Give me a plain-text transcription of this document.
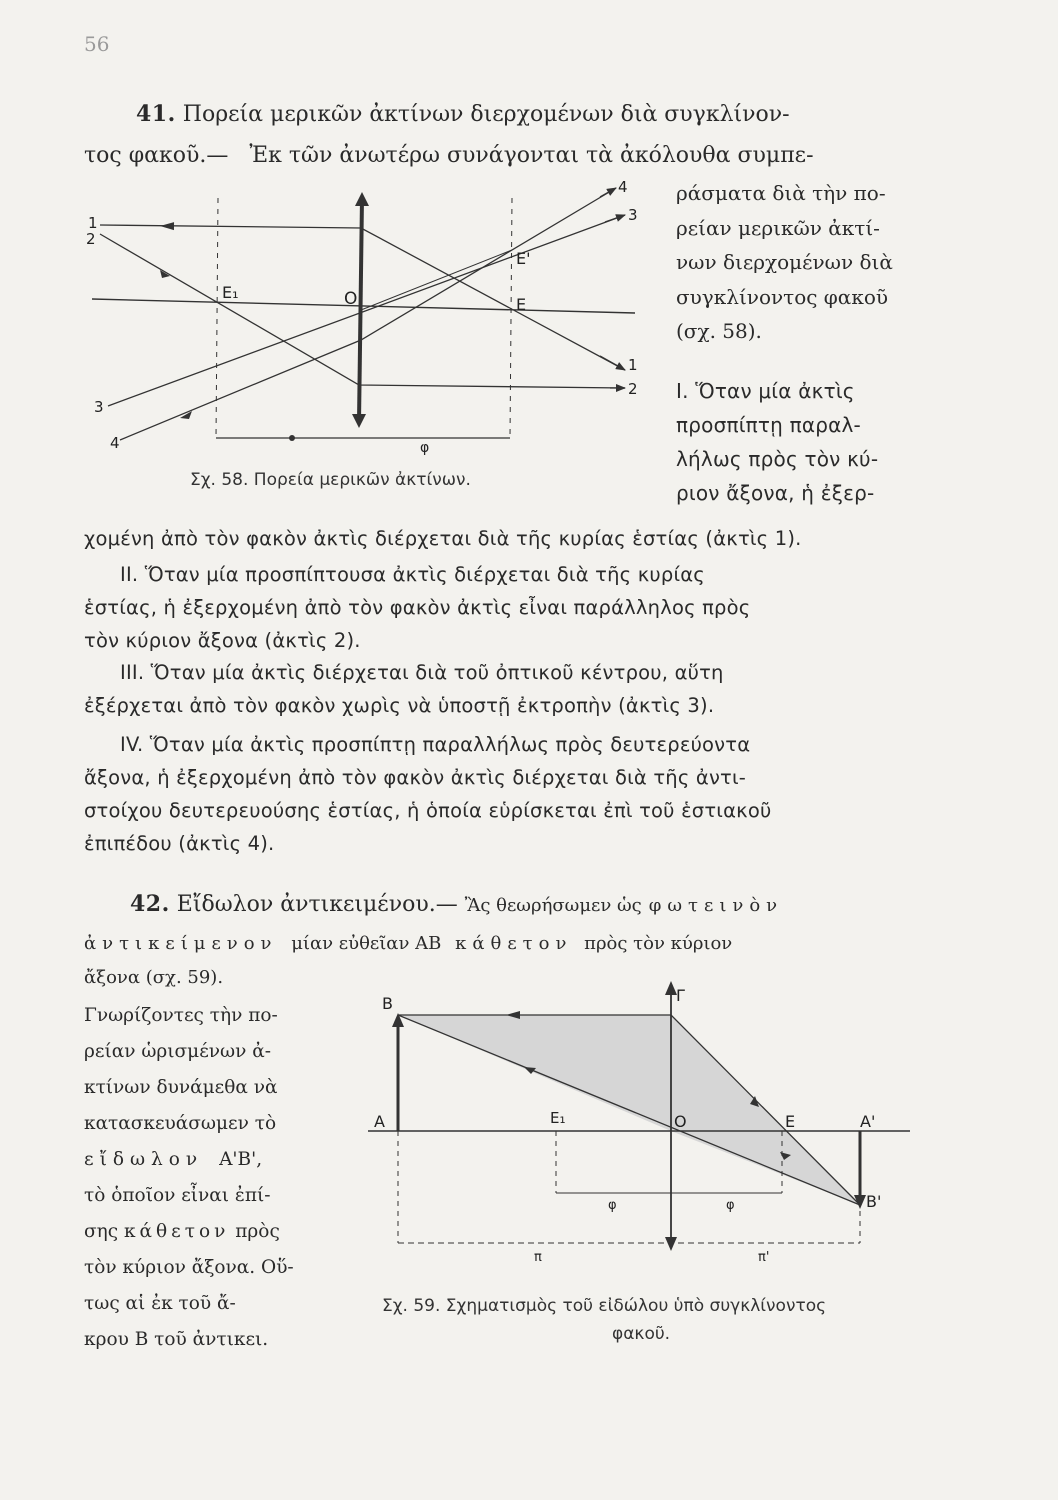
56
41. Πορεία μερικῶν ἀκτίνων διερχομένων διὰ συγκλίνον-
τος φακοῦ.— Ἐκ τῶν ἀνωτέρω συνάγονται τὰ ἀκόλουθα συμπε-
ράσματα διὰ τὴν πο-
ρείαν μερικῶν ἀκτί-
νων διερχομένων διὰ
συγκλίνοντος φακοῦ
(σχ. 58).
I. Ὅταν μία ἀκτὶς
προσπίπτῃ παραλ-
λήλως πρὸς τὸν κύ-
ριον ἄξονα, ἡ ἐξερ-
1
2
3
4
1
2
3
4
E₁	O	E
E'
φ
Σχ. 58. Πορεία μερικῶν ἀκτίνων.
χομένη ἀπὸ τὸν φακὸν ἀκτὶς διέρχεται διὰ τῆς κυρίας ἑστίας (ἀκτὶς 1).
II. Ὅταν μία προσπίπτουσα ἀκτὶς διέρχεται διὰ τῆς κυρίας
ἑστίας, ἡ ἐξερχομένη ἀπὸ τὸν φακὸν ἀκτὶς εἶναι παράλληλος πρὸς
τὸν κύριον ἄξονα (ἀκτὶς 2).
III. Ὅταν μία ἀκτὶς διέρχεται διὰ τοῦ ὀπτικοῦ κέντρου, αὕτη
ἐξέρχεται ἀπὸ τὸν φακὸν χωρὶς νὰ ὑποστῇ ἐκτροπὴν (ἀκτὶς 3).
IV. Ὅταν μία ἀκτὶς προσπίπτῃ παραλλήλως πρὸς δευτερεύοντα
ἄξονα, ἡ ἐξερχομένη ἀπὸ τὸν φακὸν ἀκτὶς διέρχεται διὰ τῆς ἀντι-
στοίχου δευτερευούσης ἑστίας, ἡ ὁποία εὑρίσκεται ἐπὶ τοῦ ἑστιακοῦ
ἐπιπέδου (ἀκτὶς 4).
42. Εἴδωλον ἀντικειμένου.— Ἂς θεωρήσωμεν ὡς φωτεινὸν
ἀντικείμενον μίαν εὐθεῖαν ΑΒ κάθετον πρὸς τὸν κύριον
ἄξονα (σχ. 59).
Γνωρίζοντες τὴν πο-
ρείαν ὡρισμένων ἀ-
κτίνων δυνάμεθα νὰ
κατασκευάσωμεν τὸ
εἴδωλον Α'Β',
τὸ ὁποῖον εἶναι ἐπί-
σης κάθετον πρὸς
τὸν κύριον ἄξονα. Οὕ-
τως αἱ ἐκ τοῦ ἄ-
κρου Β τοῦ ἀντικει.
B	Γ
A	E₁	O	E	A'
B'
φ	φ
π	π'
Σχ. 59. Σχηματισμὸς τοῦ εἰδώλου ὑπὸ συγκλίνοντος
φακοῦ.
